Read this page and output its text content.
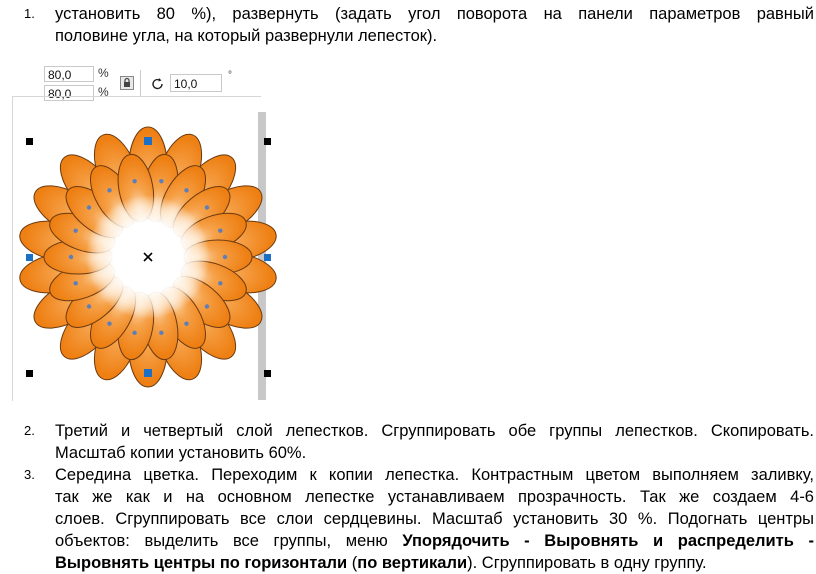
1. установить 80 %), развернуть (задать угол поворота на панели параметров равный

половине угла, на который развернули лепесток).

80,0	%
80,0	%
10,0
°
2. Третий и четвертый слой лепестков. Сгруппировать обе группы лепестков. Скопировать.

Масштаб копии установить 60%.

3. Середина цветка. Переходим к копии лепестка. Контрастным цветом выполняем заливку,

так же как и на основном лепестке устанавливаем прозрачность. Так же создаем 4-6

слоев. Сгруппировать все слои сердцевины. Масштаб установить 30 %. Подогнать центры

объектов: выделить все группы, меню Упорядочить - Выровнять и распределить -

Выровнять центры по горизонтали (по вертикали). Сгруппировать в одну группу.
